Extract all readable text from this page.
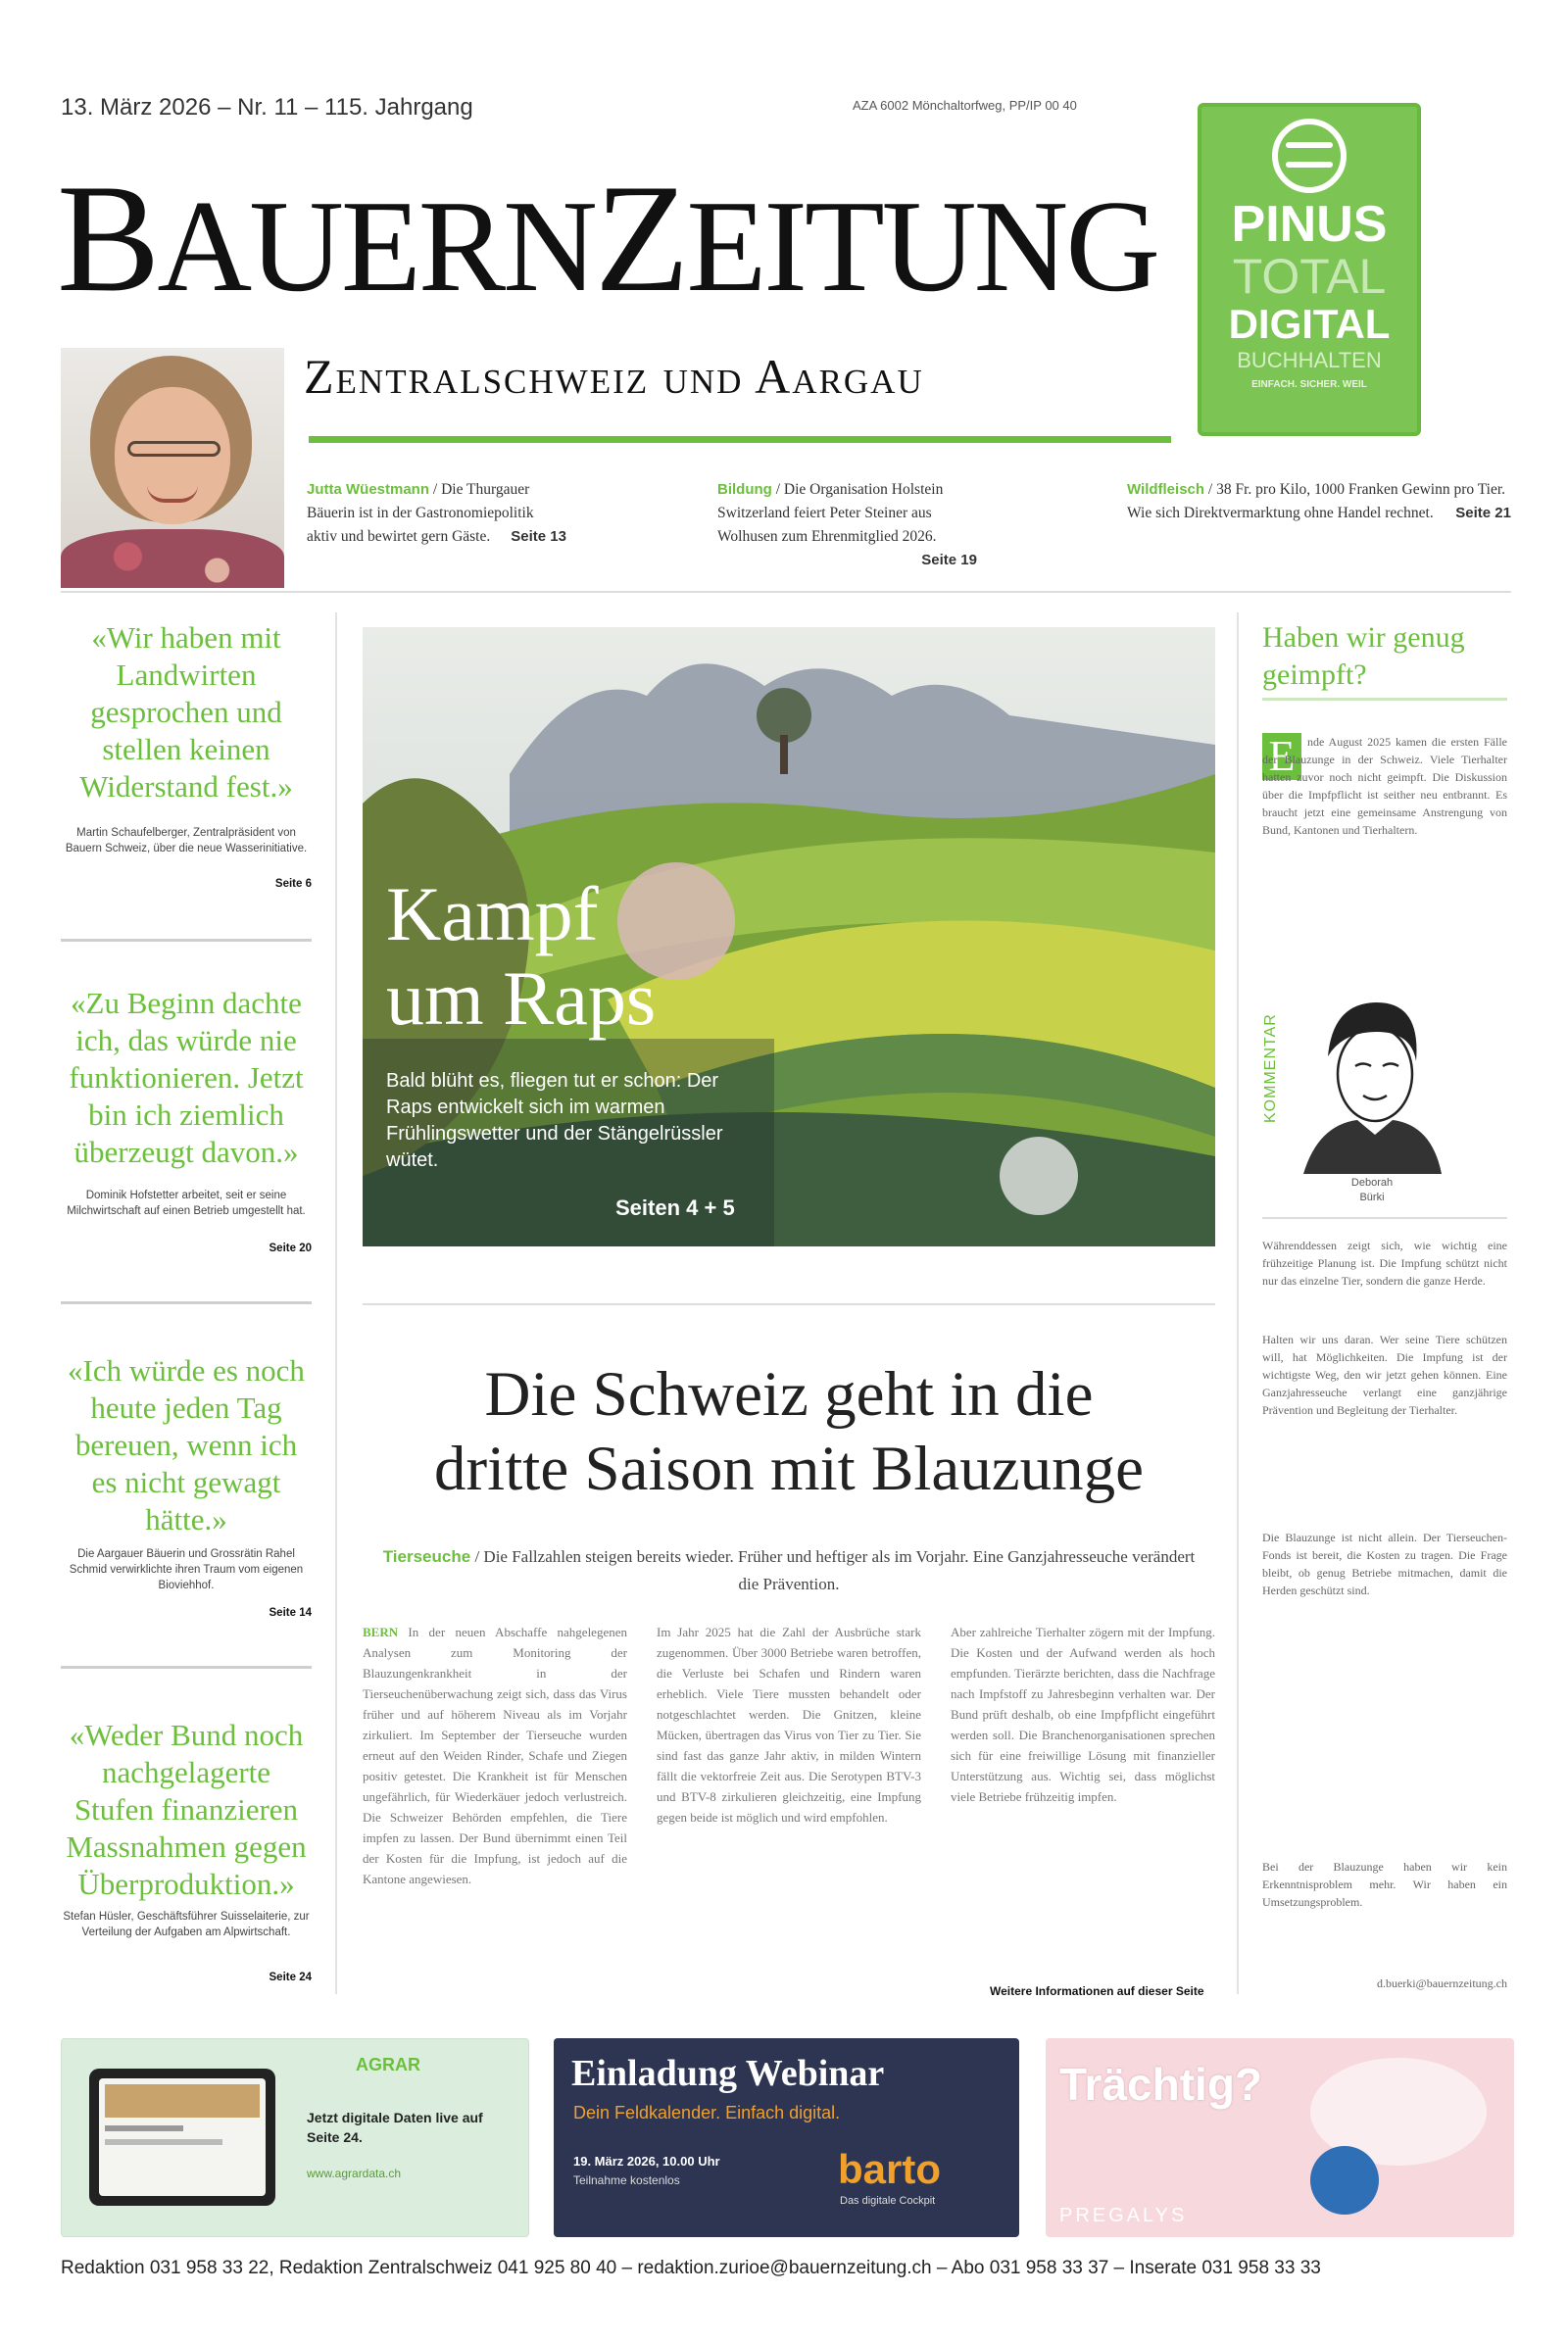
13. März 2026 – Nr. 11 – 115. Jahrgang	AZA 6002 Mönchaltorfweg, PP/IP 00 40
BAUERNZEITUNG
Zentralschweiz und Aargau
PINUS
TOTAL
DIGITAL
BUCHHALTEN
EINFACH. SICHER. WEIL
Jutta Wüestmann / Die Thurgauer Bäuerin ist in der Gastronomiepolitik aktiv und bewirtet gern Gäste. Seite 13
Bildung / Die Organisation Holstein Switzerland feiert Peter Steiner aus Wolhusen zum Ehrenmitglied 2026.
Seite 19
Wildfleisch / 38 Fr. pro Kilo, 1000 Franken Gewinn pro Tier. Wie sich Direktvermarktung ohne Handel rechnet. Seite 21
«Wir haben mit Landwirten gesprochen und stellen keinen Widerstand fest.»
Martin Schaufelberger, Zentralpräsident von Bauern Schweiz, über die neue Wasserinitiative.
Seite 6
«Zu Beginn dachte ich, das würde nie funktionieren. Jetzt bin ich ziemlich überzeugt davon.»
Dominik Hofstetter arbeitet, seit er seine Milchwirtschaft auf einen Betrieb umgestellt hat.
Seite 20
«Ich würde es noch heute jeden Tag bereuen, wenn ich es nicht gewagt hätte.»
Die Aargauer Bäuerin und Grossrätin Rahel Schmid verwirklichte ihren Traum vom eigenen Bioviehhof.
Seite 14
«Weder Bund noch nachgelagerte Stufen finanzieren Massnahmen gegen Überproduktion.»
Stefan Hüsler, Geschäftsführer Suisselaiterie, zur Verteilung der Aufgaben am Alpwirtschaft.
Seite 24
Kampf
um Raps
Bald blüht es, fliegen tut er schon: Der Raps entwickelt sich im warmen Frühlingswetter und der Stängelrüssler wütet.
Seiten 4 + 5
Die Schweiz geht in die
dritte Saison mit Blauzunge
Tierseuche / Die Fallzahlen steigen bereits wieder. Früher und heftiger als im Vorjahr. Eine Ganzjahresseuche verändert die Prävention.
BERN In der neuen Abschaffe nahgelegenen Analysen zum Monitoring der Blauzungenkrankheit in der Tierseuchenüberwachung zeigt sich, dass das Virus früher und auf höherem Niveau als im Vorjahr zirkuliert. Im September der Tierseuche wurden erneut auf den Weiden Rinder, Schafe und Ziegen positiv getestet. Die Krankheit ist für Menschen ungefährlich, für Wiederkäuer jedoch verlustreich. Die Schweizer Behörden empfehlen, die Tiere impfen zu lassen. Der Bund übernimmt einen Teil der Kosten für die Impfung, ist jedoch auf die Kantone angewiesen.
Im Jahr 2025 hat die Zahl der Ausbrüche stark zugenommen. Über 3000 Betriebe waren betroffen, die Verluste bei Schafen und Rindern waren erheblich. Viele Tiere mussten behandelt oder notgeschlachtet werden. Die Gnitzen, kleine Mücken, übertragen das Virus von Tier zu Tier. Sie sind fast das ganze Jahr aktiv, in milden Wintern fällt die vektorfreie Zeit aus. Die Serotypen BTV-3 und BTV-8 zirkulieren gleichzeitig, eine Impfung gegen beide ist möglich und wird empfohlen.
Aber zahlreiche Tierhalter zögern mit der Impfung. Die Kosten und der Aufwand werden als hoch empfunden. Tierärzte berichten, dass die Nachfrage nach Impfstoff zu Jahresbeginn verhalten war. Der Bund prüft deshalb, ob eine Impfpflicht eingeführt werden soll. Die Branchenorganisationen sprechen sich für eine freiwillige Lösung mit finanzieller Unterstützung aus. Wichtig sei, dass möglichst viele Betriebe frühzeitig impfen.
Weitere Informationen auf dieser Seite
Haben wir genug geimpft?
E	nde August 2025 kamen die ersten Fälle der Blauzunge in der Schweiz. Viele Tierhalter hatten zuvor noch nicht geimpft. Die Diskussion über die Impfpflicht ist seither neu entbrannt. Es braucht jetzt eine gemeinsame Anstrengung von Bund, Kantonen und Tierhaltern.
KOMMENTAR
Deborah
Bürki
Währenddessen zeigt sich, wie wichtig eine frühzeitige Planung ist. Die Impfung schützt nicht nur das einzelne Tier, sondern die ganze Herde.
Halten wir uns daran. Wer seine Tiere schützen will, hat Möglichkeiten. Die Impfung ist der wichtigste Weg, den wir jetzt gehen können. Eine Ganzjahresseuche verlangt eine ganzjährige Prävention und Begleitung der Tierhalter.
Die Blauzunge ist nicht allein. Der Tierseuchen-Fonds ist bereit, die Kosten zu tragen. Die Frage bleibt, ob genug Betriebe mitmachen, damit die Herden geschützt sind.
Bei der Blauzunge haben wir kein Erkenntnisproblem mehr. Wir haben ein Umsetzungsproblem.
d.buerki@bauernzeitung.ch
AGRAR
Jetzt digitale Daten live auf Seite 24.
www.agrardata.ch
Einladung Webinar
Dein Feldkalender. Einfach digital.
19. März 2026, 10.00 Uhr
Teilnahme kostenlos	barto
Das digitale Cockpit
Trächtig?
PREGALYS
Redaktion 031 958 33 22, Redaktion Zentralschweiz 041 925 80 40 – redaktion.zurioe@bauernzeitung.ch – Abo 031 958 33 37 – Inserate 031 958 33 33
